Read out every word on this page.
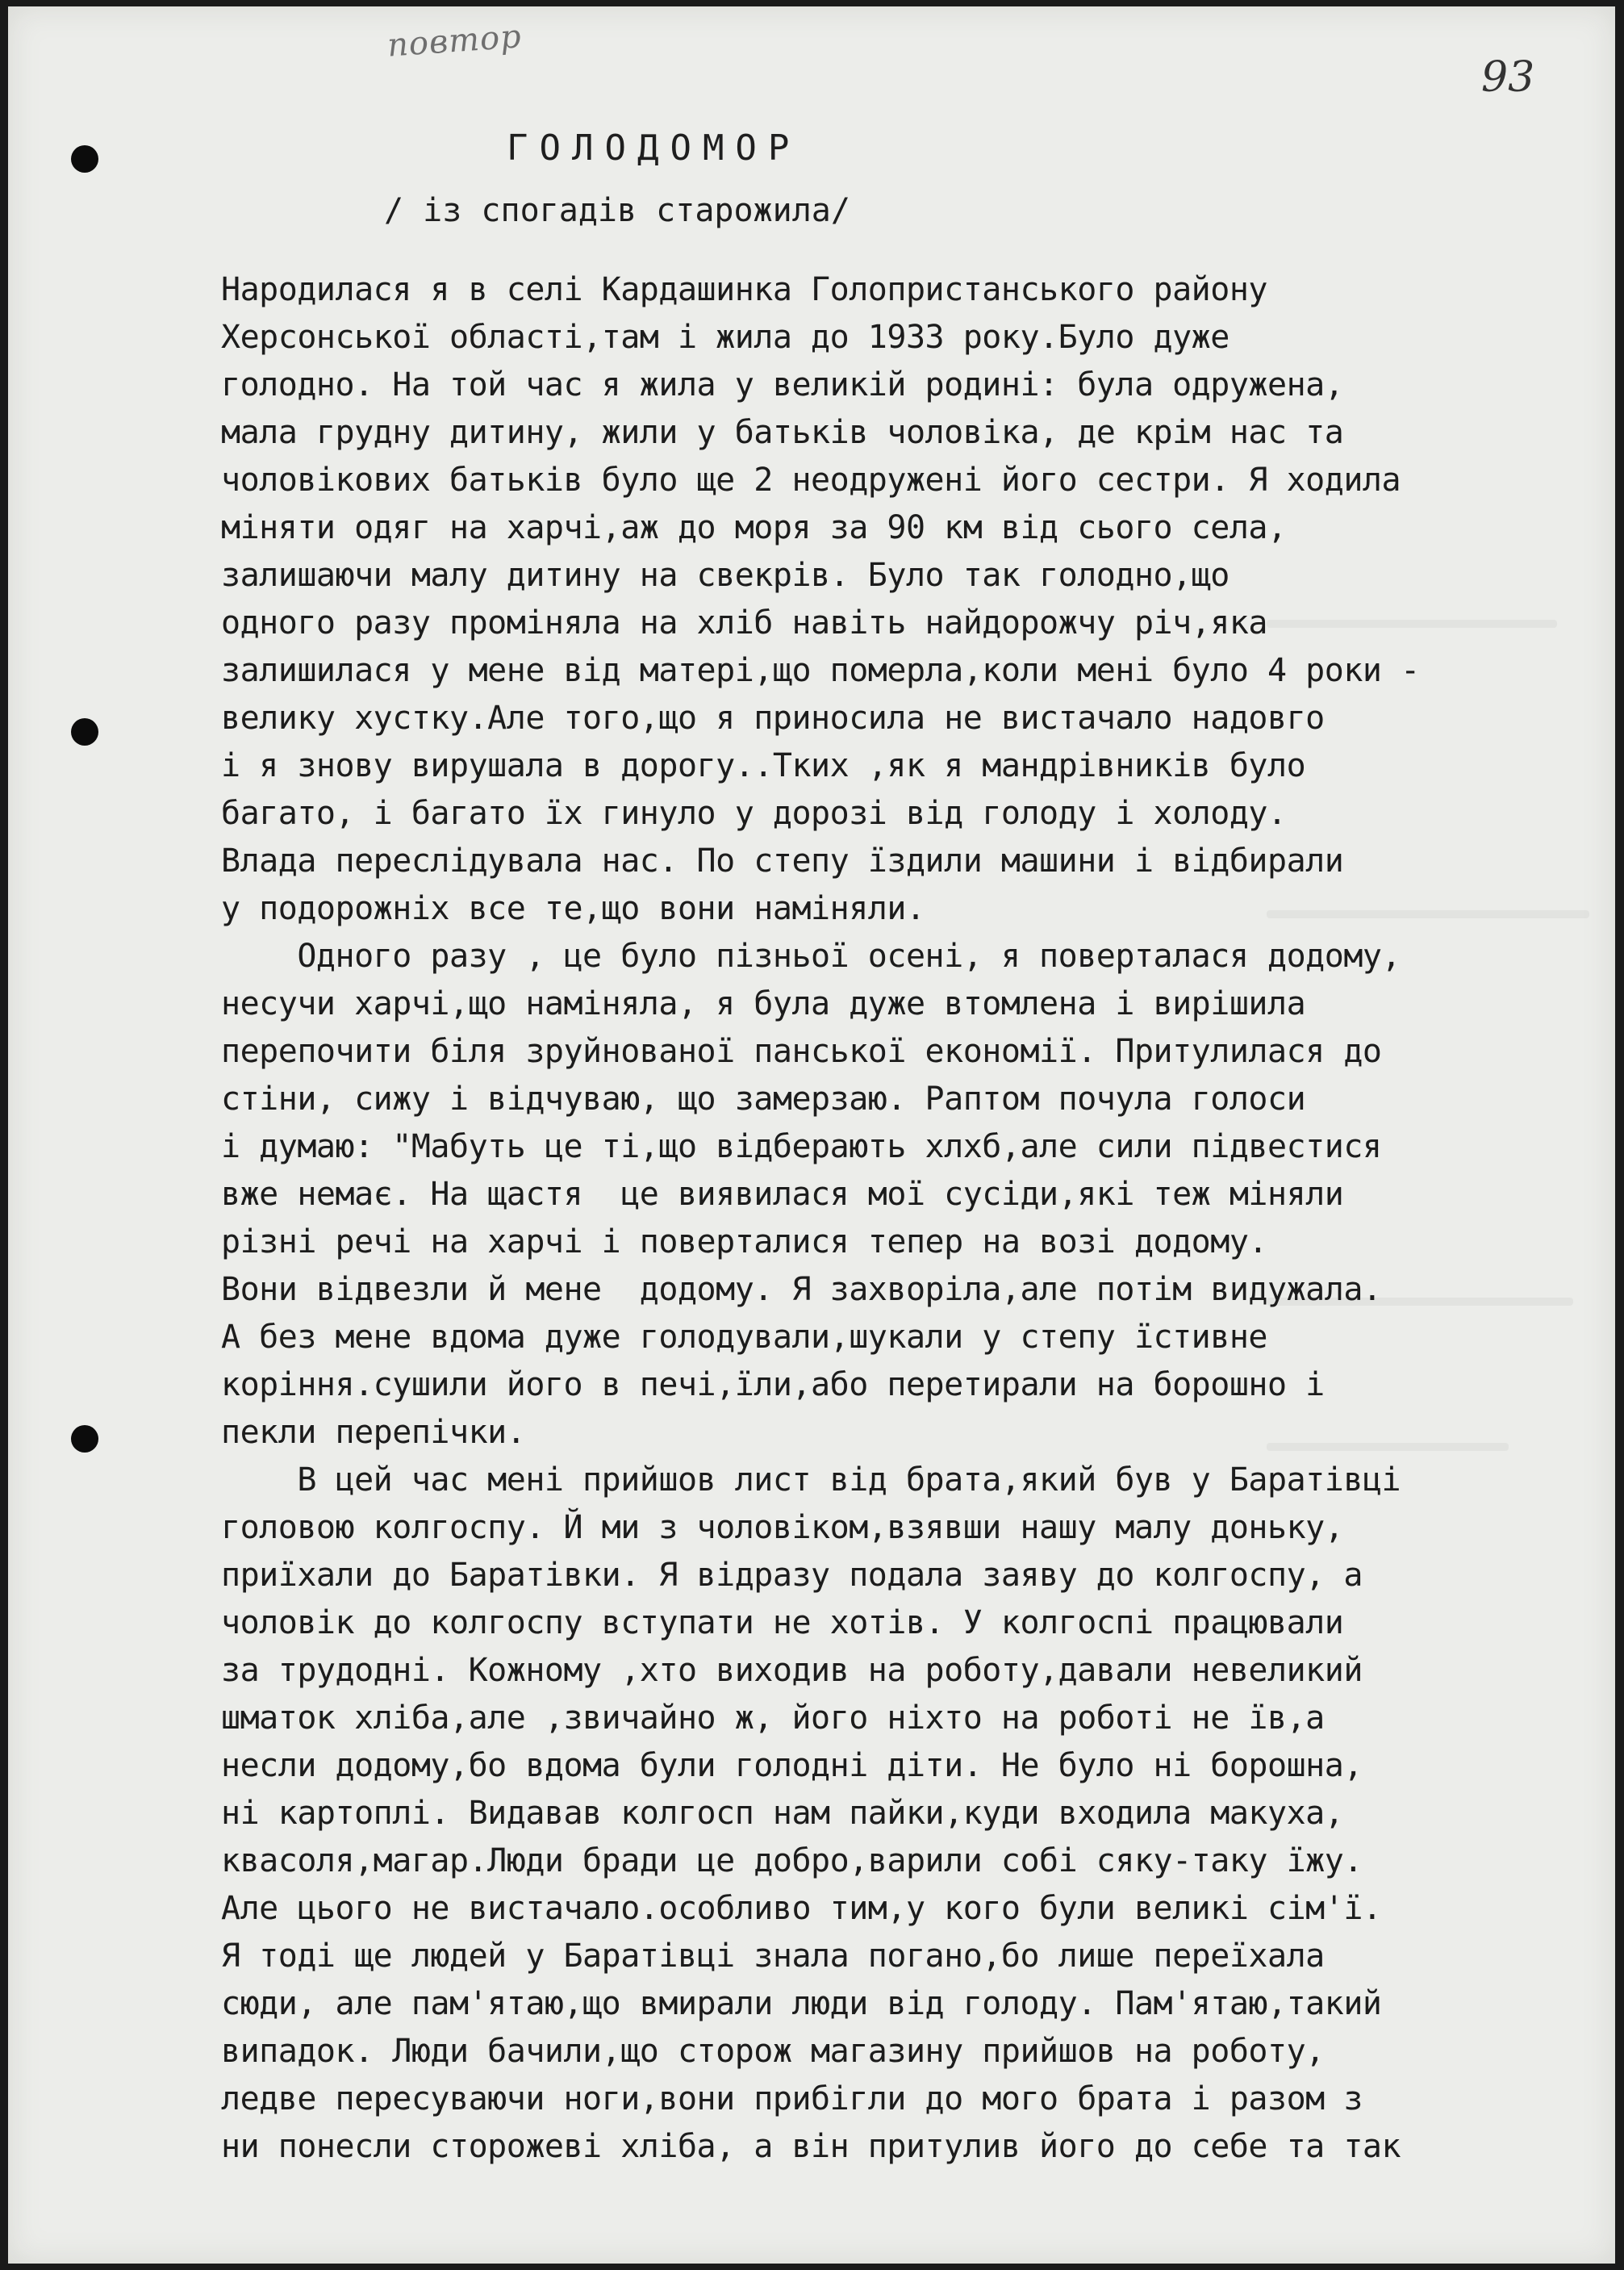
повтор
93
ГОЛОДОМОР

/ із спогадів старожила/

Народилася я в селі Кардашинка Голопристанського району
Херсонської області,там і жила до 1933 року.Було дуже
голодно. На той час я жила у великій родині: була одружена,
мала грудну дитину, жили у батьків чоловіка, де крім нас та
чоловікових батьків було ще 2 неодружені його сестри. Я ходила
міняти одяг на харчі,аж до моря за 90 км від сього села,
залишаючи малу дитину на свекрів. Було так голодно,що
одного разу проміняла на хліб навіть найдорожчу річ,яка
залишилася у мене від матері,що померла,коли мені було 4 роки -
велику хустку.Але того,що я приносила не вистачало надовго
і я знову вирушала в дорогу..Тких ,як я мандрівників було
багато, і багато їх гинуло у дорозі від голоду і холоду.
Влада переслідувала нас. По степу їздили машини і відбирали
у подорожніх все те,що вони наміняли.
Одного разу , це було пізньої осені, я поверталася додому,
несучи харчі,що наміняла, я була дуже втомлена і вирішила
перепочити біля зруйнованої панської економії. Притулилася до
стіни, сижу і відчуваю, що замерзаю. Раптом почула голоси
і думаю: "Мабуть це ті,що відберають хлхб,але сили підвестися
вже немає. На щастя  це виявилася мої сусіди,які теж міняли
різні речі на харчі і поверталися тепер на возі додому.
Вони відвезли й мене  додому. Я захворіла,але потім видужала.
А без мене вдома дуже голодували,шукали у степу їстивне
коріння.сушили його в печі,їли,або перетирали на борошно і
пекли перепічки.
В цей час мені прийшов лист від брата,який був у Баратівці
головою колгоспу. Й ми з чоловіком,взявши нашу малу доньку,
приїхали до Баратівки. Я відразу подала заяву до колгоспу, а
чоловік до колгоспу вступати не хотів. У колгоспі працювали
за трудодні. Кожному ,хто виходив на роботу,давали невеликий
шматок хліба,але ,звичайно ж, його ніхто на роботі не їв,а
несли додому,бо вдома були голодні діти. Не було ні борошна,
ні картоплі. Видавав колгосп нам пайки,куди входила макуха,
квасоля,магар.Люди бради це добро,варили собі сяку-таку їжу.
Але цього не вистачало.особливо тим,у кого були великі сім'ї.
Я тоді ще людей у Баратівці знала погано,бо лише переїхала
сюди, але пам'ятаю,що вмирали люди від голоду. Пам'ятаю,такий
випадок. Люди бачили,що сторож магазину прийшов на роботу,
ледве пересуваючи ноги,вони прибігли до мого брата і разом з
ни понесли сторожеві хліба, а він притулив його до себе та так
